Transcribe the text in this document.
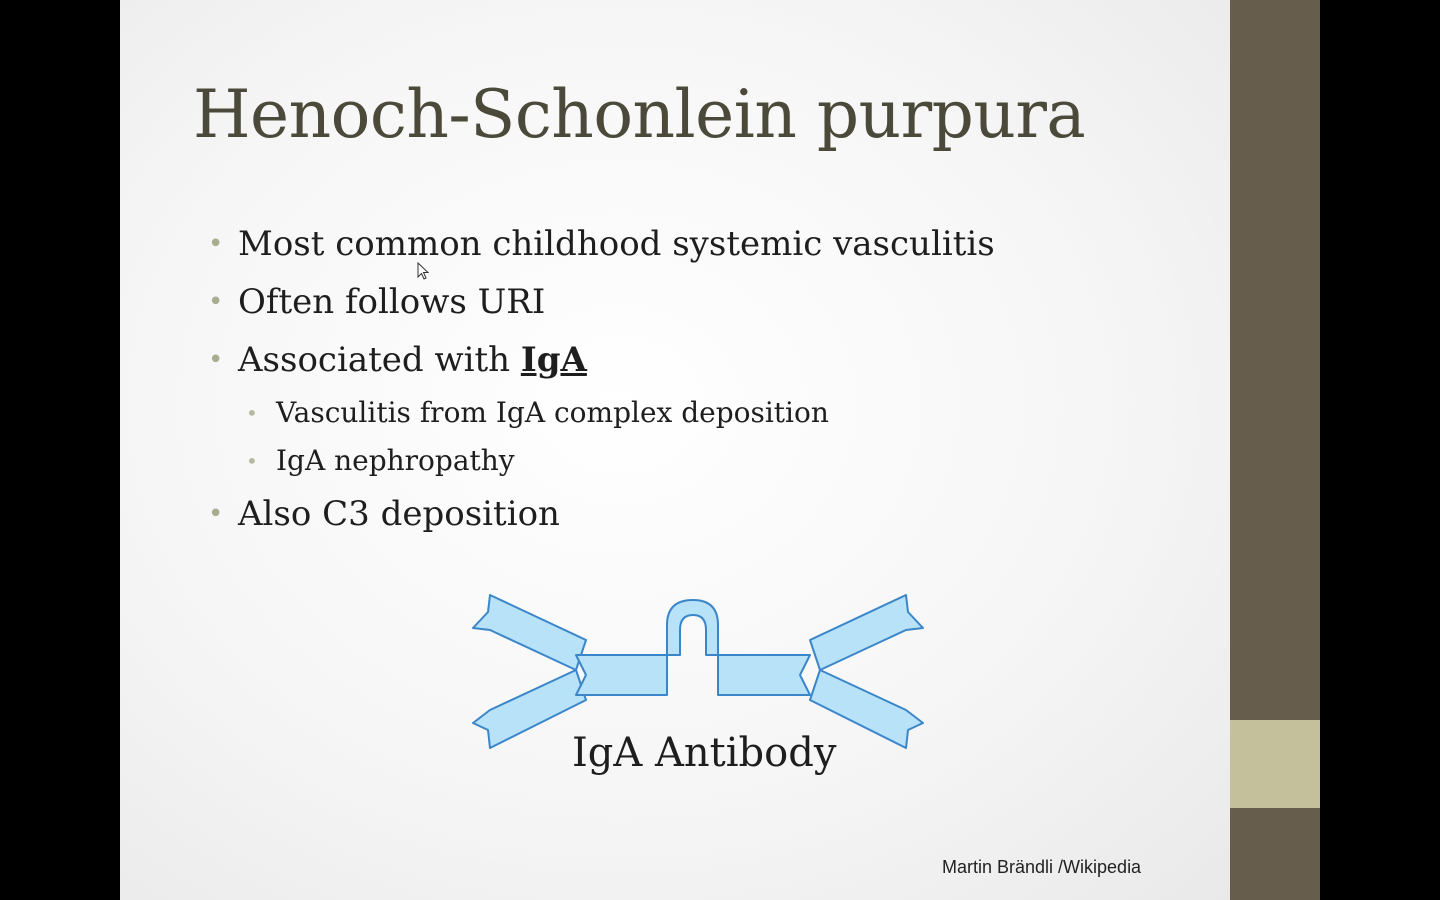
Henoch-Schonlein purpura
• Most common childhood systemic vasculitis
• Often follows URI
• Associated with IgA
• Vasculitis from IgA complex deposition
• IgA nephropathy
• Also C3 deposition
IgA Antibody
Martin Brändli /Wikipedia
